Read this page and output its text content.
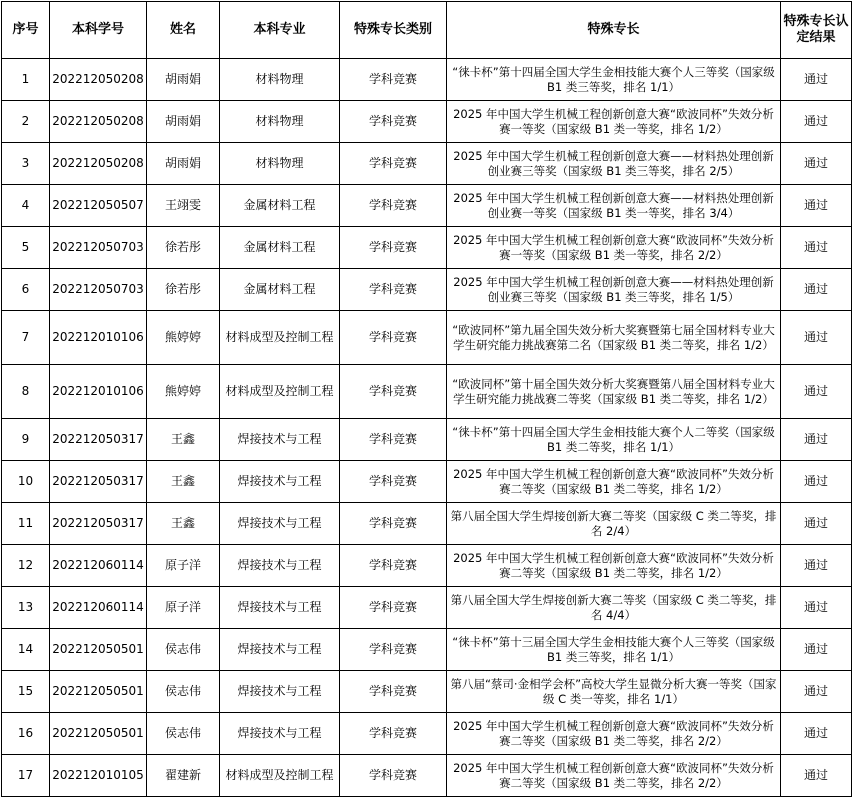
序号	本科学号	姓名	本科专业	特殊专长类别	特殊专长	特殊专长认定结果
1	202212050208	胡雨娟	材料物理	学科竞赛	“徕卡杯”第十四届全国大学生金相技能大赛个人三等奖（国家级 B1 类三等奖，排名 1/1）	通过
2	202212050208	胡雨娟	材料物理	学科竞赛	2025 年中国大学生机械工程创新创意大赛“欧波同杯”失效分析赛一等奖（国家级 B1 类一等奖，排名 1/2）	通过
3	202212050208	胡雨娟	材料物理	学科竞赛	2025 年中国大学生机械工程创新创意大赛——材料热处理创新创业赛三等奖（国家级 B1 类三等奖，排名 2/5）	通过
4	202212050507	王翊雯	金属材料工程	学科竞赛	2025 年中国大学生机械工程创新创意大赛——材料热处理创新创业赛一等奖（国家级 B1 类一等奖，排名 3/4）	通过
5	202212050703	徐若彤	金属材料工程	学科竞赛	2025 年中国大学生机械工程创新创意大赛“欧波同杯”失效分析赛一等奖（国家级 B1 类一等奖，排名 2/2）	通过
6	202212050703	徐若彤	金属材料工程	学科竞赛	2025 年中国大学生机械工程创新创意大赛——材料热处理创新创业赛三等奖（国家级 B1 类三等奖，排名 1/5）	通过
7	202212010106	熊婷婷	材料成型及控制工程	学科竞赛	“欧波同杯”第九届全国失效分析大奖赛暨第七届全国材料专业大学生研究能力挑战赛第二名（国家级 B1 类二等奖，排名 1/2）	通过
8	202212010106	熊婷婷	材料成型及控制工程	学科竞赛	“欧波同杯”第十届全国失效分析大奖赛暨第八届全国材料专业大学生研究能力挑战赛二等奖（国家级 B1 类二等奖，排名 1/2）	通过
9	202212050317	王鑫	焊接技术与工程	学科竞赛	“徕卡杯”第十四届全国大学生金相技能大赛个人二等奖（国家级 B1 类二等奖，排名 1/1）	通过
10	202212050317	王鑫	焊接技术与工程	学科竞赛	2025 年中国大学生机械工程创新创意大赛“欧波同杯”失效分析赛二等奖（国家级 B1 类二等奖，排名 1/2）	通过
11	202212050317	王鑫	焊接技术与工程	学科竞赛	第八届全国大学生焊接创新大赛二等奖（国家级 C 类二等奖，排名 2/4）	通过
12	202212060114	原子洋	焊接技术与工程	学科竞赛	2025 年中国大学生机械工程创新创意大赛“欧波同杯”失效分析赛二等奖（国家级 B1 类二等奖，排名 1/2）	通过
13	202212060114	原子洋	焊接技术与工程	学科竞赛	第八届全国大学生焊接创新大赛二等奖（国家级 C 类二等奖，排名 4/4）	通过
14	202212050501	侯志伟	焊接技术与工程	学科竞赛	“徕卡杯”第十三届全国大学生金相技能大赛个人三等奖（国家级 B1 类三等奖，排名 1/1）	通过
15	202212050501	侯志伟	焊接技术与工程	学科竞赛	第八届“蔡司·金相学会杯”高校大学生显微分析大赛一等奖（国家级 C 类一等奖，排名 1/1）	通过
16	202212050501	侯志伟	焊接技术与工程	学科竞赛	2025 年中国大学生机械工程创新创意大赛“欧波同杯”失效分析赛二等奖（国家级 B1 类二等奖，排名 2/2）	通过
17	202212010105	翟建新	材料成型及控制工程	学科竞赛	2025 年中国大学生机械工程创新创意大赛“欧波同杯”失效分析赛二等奖（国家级 B1 类二等奖，排名 2/2）	通过
